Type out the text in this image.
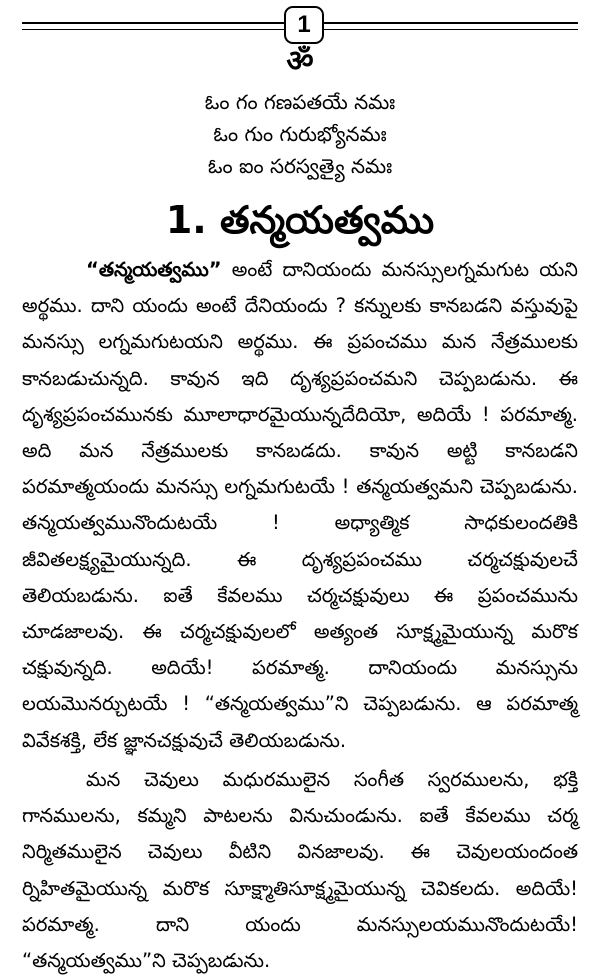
1
ॐ
ఓం గం గణపతయే నమః
ఓం గుం గురుభ్యోనమః
ఓం ఐం సరస్వత్యై నమః
1. తన్మయత్వము
“తన్మయత్వము” అంటే దానియందు మనస్సులగ్నమగుట యని అర్థము. దాని యందు అంటే దేనియందు ? కన్నులకు కానబడని వస్తువుపై మనస్సు లగ్నమగుటయని అర్థము. ఈ ప్రపంచము మన నేత్రములకు కానబడుచున్నది. కావున ఇది దృశ్యప్రపంచమని చెప్పబడును. ఈ దృశ్యప్రపంచమునకు మూలాధారమైయున్నదేదియో, అదియే ! పరమాత్మ. అది మన నేత్రములకు కానబడదు. కావున అట్టి కానబడని పరమాత్మయందు మనస్సు లగ్నమగుటయే ! తన్మయత్వమని చెప్పబడును. తన్మయత్వమునొందుటయే ! అధ్యాత్మిక సాధకులందతికి జీవితలక్ష్యమైయున్నది. ఈ దృశ్యప్రపంచము చర్మచక్షువులచే తెలియబడును. ఐతే కేవలము చర్మచక్షువులు ఈ ప్రపంచమును చూడజాలవు. ఈ చర్మచక్షువులలో అత్యంత సూక్ష్మమైయున్న మరొక చక్షువున్నది. అదియే! పరమాత్మ. దానియందు మనస్సును లయమొనర్చుటయే ! “తన్మయత్వము”ని చెప్పబడును. ఆ పరమాత్మ వివేకశక్తి, లేక జ్ఞానచక్షువుచే తెలియబడును.
మన చెవులు మధురములైన సంగీత స్వరములను, భక్తి గానములను, కమ్మని పాటలను వినుచుండును. ఐతే కేవలము చర్మ నిర్మితములైన చెవులు వీటిని వినజాలవు. ఈ చెవులయందంత ర్నిహితమైయున్న మరొక సూక్ష్మాతిసూక్ష్మమైయున్న చెవికలదు. అదియే! పరమాత్మ. దాని యందు మనస్సులయమునొందుటయే! “తన్మయత్వము”ని చెప్పబడును.
